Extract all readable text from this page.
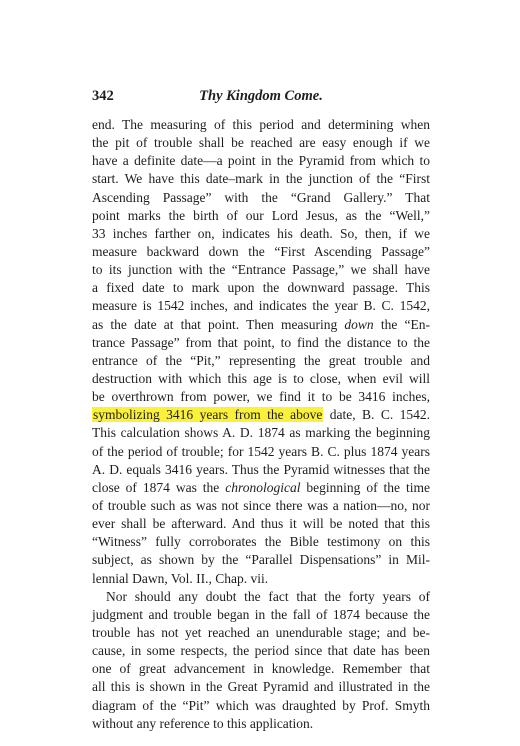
342	Thy Kingdom Come.
end. The measuring of this period and determining when
the pit of trouble shall be reached are easy enough if we
have a definite date—a point in the Pyramid from which to
start. We have this date–mark in the junction of the “First
Ascending Passage” with the “Grand Gallery.” That
point marks the birth of our Lord Jesus, as the “Well,”
33 inches farther on, indicates his death. So, then, if we
measure backward down the “First Ascending Passage”
to its junction with the “Entrance Passage,” we shall have
a fixed date to mark upon the downward passage. This
measure is 1542 inches, and indicates the year B. C. 1542,
as the date at that point. Then measuring down the “En-
trance Passage” from that point, to find the distance to the
entrance of the “Pit,” representing the great trouble and
destruction with which this age is to close, when evil will
be overthrown from power, we find it to be 3416 inches,
symbolizing 3416 years from the above date, B. C. 1542.
This calculation shows A. D. 1874 as marking the beginning
of the period of trouble; for 1542 years B. C. plus 1874 years
A. D. equals 3416 years. Thus the Pyramid witnesses that the
close of 1874 was the chronological beginning of the time
of trouble such as was not since there was a nation—no, nor
ever shall be afterward. And thus it will be noted that this
“Witness” fully corroborates the Bible testimony on this
subject, as shown by the “Parallel Dispensations” in Mil-
lennial Dawn, Vol. II., Chap. vii.
Nor should any doubt the fact that the forty years of
judgment and trouble began in the fall of 1874 because the
trouble has not yet reached an unendurable stage; and be-
cause, in some respects, the period since that date has been
one of great advancement in knowledge. Remember that
all this is shown in the Great Pyramid and illustrated in the
diagram of the “Pit” which was draughted by Prof. Smyth
without any reference to this application.
